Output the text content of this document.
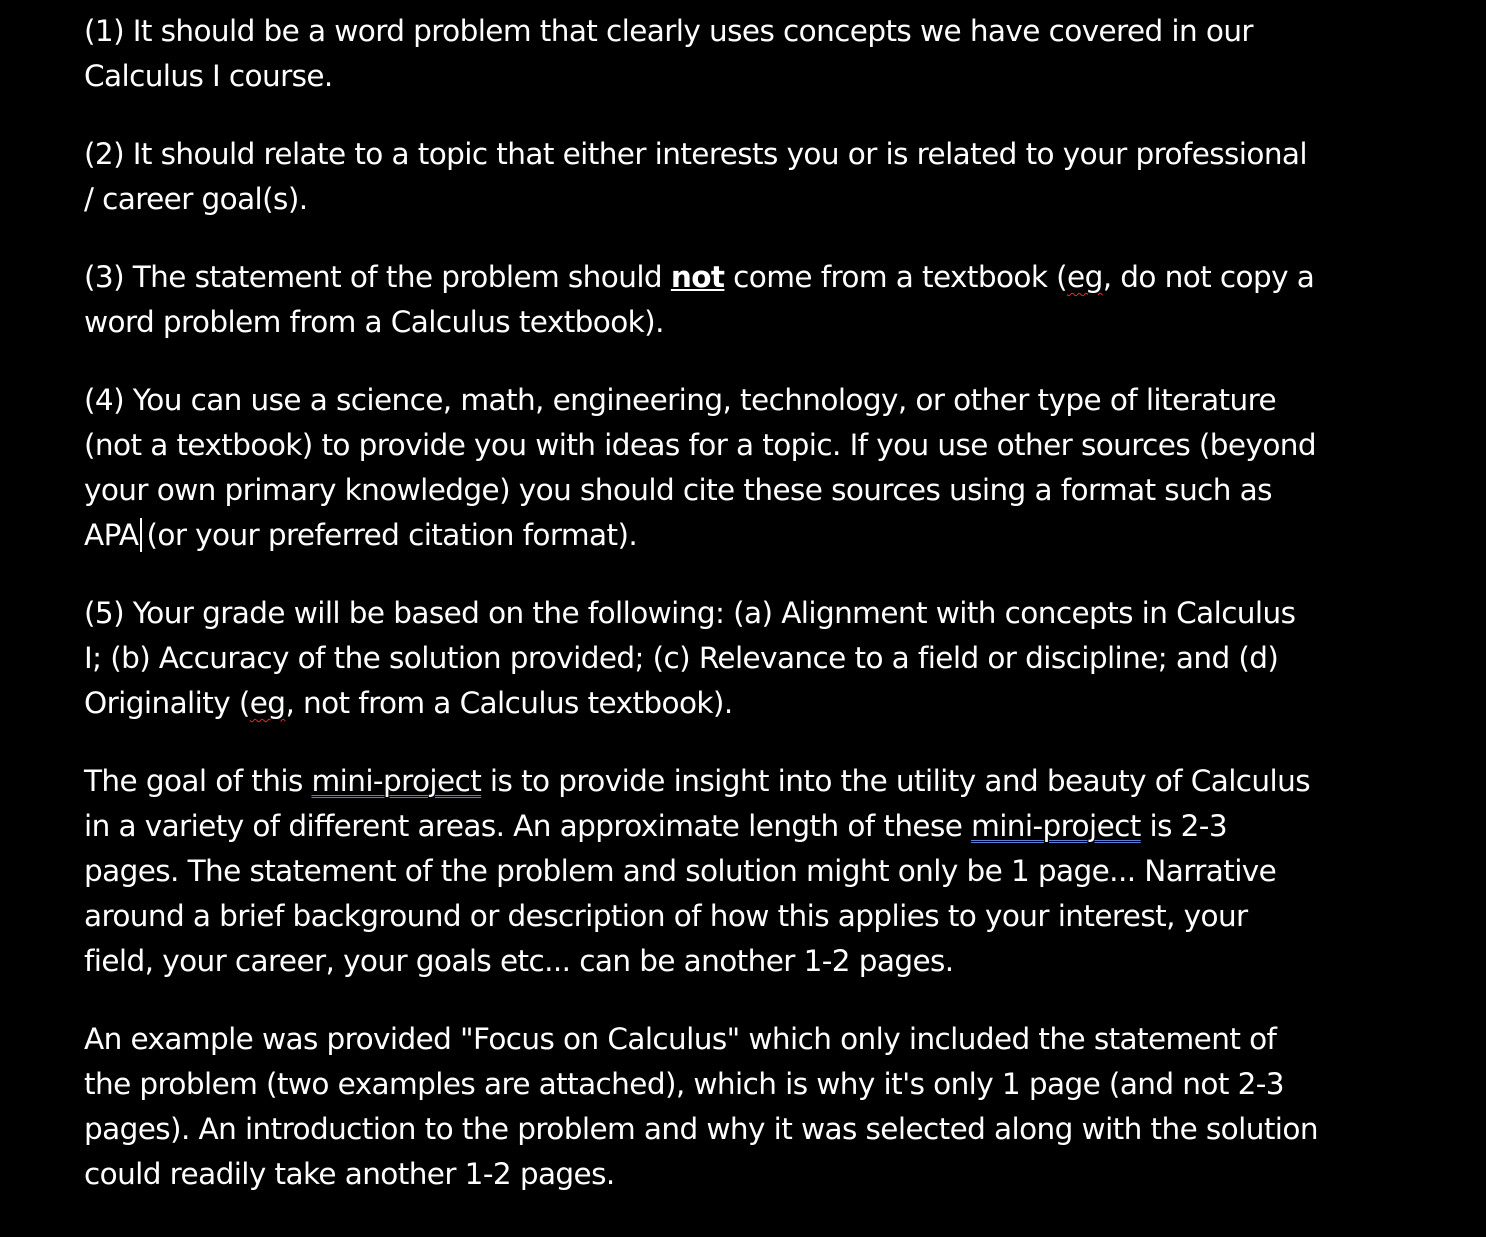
(1) It should be a word problem that clearly uses concepts we have covered in our Calculus I course.

(2) It should relate to a topic that either interests you or is related to your professional / career goal(s).

(3) The statement of the problem should not come from a textbook (eg, do not copy a word problem from a Calculus textbook).

(4) You can use a science, math, engineering, technology, or other type of literature (not a textbook) to provide you with ideas for a topic. If you use other sources (beyond your own primary knowledge) you should cite these sources using a format such as APA (or your preferred citation format).

(5) Your grade will be based on the following: (a) Alignment with concepts in Calculus I; (b) Accuracy of the solution provided; (c) Relevance to a field or discipline; and (d) Originality (eg, not from a Calculus textbook).

The goal of this mini-project is to provide insight into the utility and beauty of Calculus in a variety of different areas. An approximate length of these mini-project is 2-3 pages. The statement of the problem and solution might only be 1 page... Narrative around a brief background or description of how this applies to your interest, your field, your career, your goals etc... can be another 1-2 pages.

An example was provided "Focus on Calculus" which only included the statement of the problem (two examples are attached), which is why it's only 1 page (and not 2-3 pages). An introduction to the problem and why it was selected along with the solution could readily take another 1-2 pages.
